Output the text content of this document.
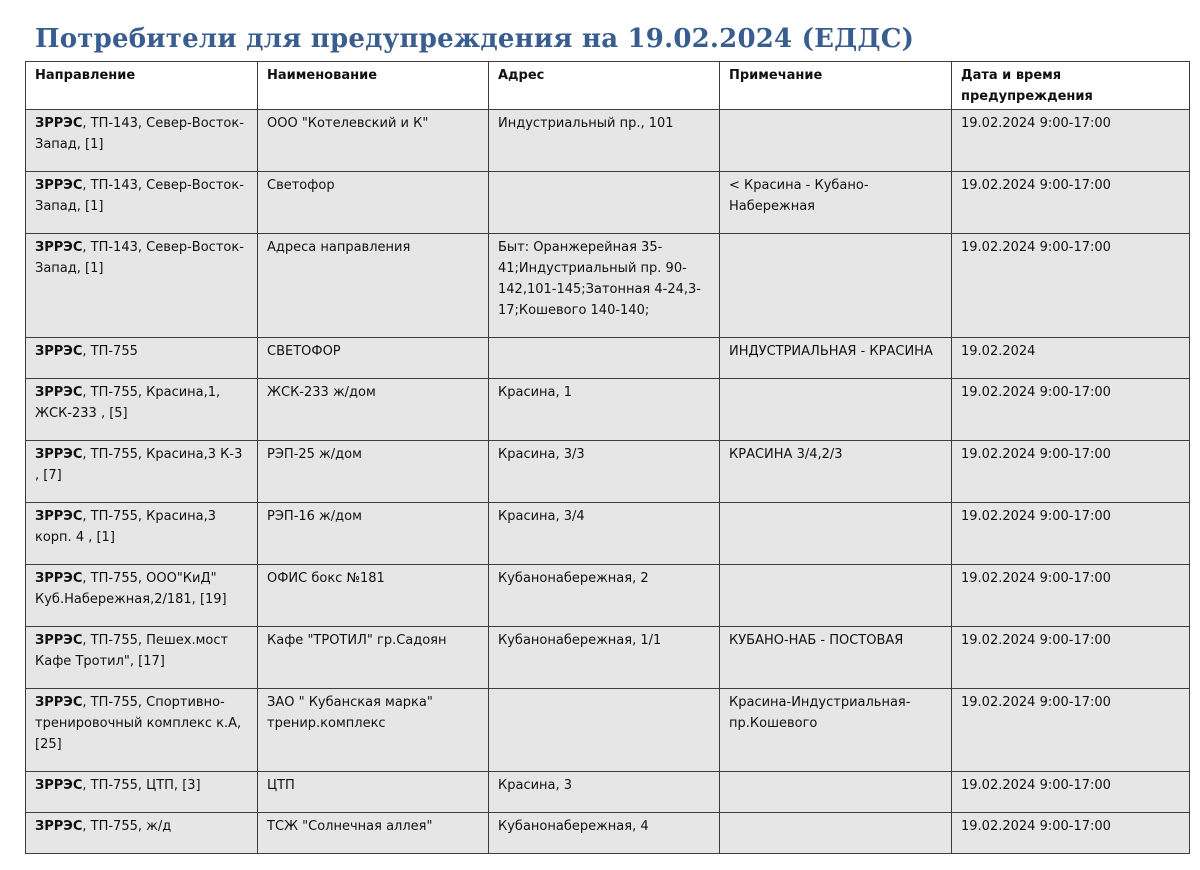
Потребители для предупреждения на 19.02.2024 (ЕДДС)
Направление	Наименование	Адрес	Примечание	Дата и время предупреждения
ЗРРЭС, ТП-143, Север-Восток-Запад, [1]	ООО "Котелевский и К"	Индустриальный пр., 101		19.02.2024 9:00-17:00
ЗРРЭС, ТП-143, Север-Восток-Запад, [1]	Светофор		< Красина - Кубано-Набережная	19.02.2024 9:00-17:00
ЗРРЭС, ТП-143, Север-Восток-Запад, [1]	Адреса направления	Быт: Оранжерейная 35-41;Индустриальный пр. 90-142,101-145;Затонная 4-24,3-17;Кошевого 140-140;		19.02.2024 9:00-17:00
ЗРРЭС, ТП-755	СВЕТОФОР		ИНДУСТРИАЛЬНАЯ - КРАСИНА	19.02.2024
ЗРРЭС, ТП-755, Красина,1, ЖСК-233 , [5]	ЖСК-233 ж/дом	Красина, 1		19.02.2024 9:00-17:00
ЗРРЭС, ТП-755, Красина,3 К-3 , [7]	РЭП-25 ж/дом	Красина, 3/3	КРАСИНА 3/4,2/3	19.02.2024 9:00-17:00
ЗРРЭС, ТП-755, Красина,3 корп. 4 , [1]	РЭП-16 ж/дом	Красина, 3/4		19.02.2024 9:00-17:00
ЗРРЭС, ТП-755, ООО"КиД" Куб.Набережная,2/181, [19]	ОФИС бокс №181	Кубанонабережная, 2		19.02.2024 9:00-17:00
ЗРРЭС, ТП-755, Пешех.мост Кафе Тротил", [17]	Кафе "ТРОТИЛ" гр.Садоян	Кубанонабережная, 1/1	КУБАНО-НАБ - ПОСТОВАЯ	19.02.2024 9:00-17:00
ЗРРЭС, ТП-755, Спортивно-тренировочный комплекс к.А, [25]	ЗАО " Кубанская марка" тренир.комплекс		Красина-Индустриальная-пр.Кошевого	19.02.2024 9:00-17:00
ЗРРЭС, ТП-755, ЦТП, [3]	ЦТП	Красина, 3		19.02.2024 9:00-17:00
ЗРРЭС, ТП-755, ж/д	ТСЖ "Солнечная аллея"	Кубанонабережная, 4		19.02.2024 9:00-17:00
